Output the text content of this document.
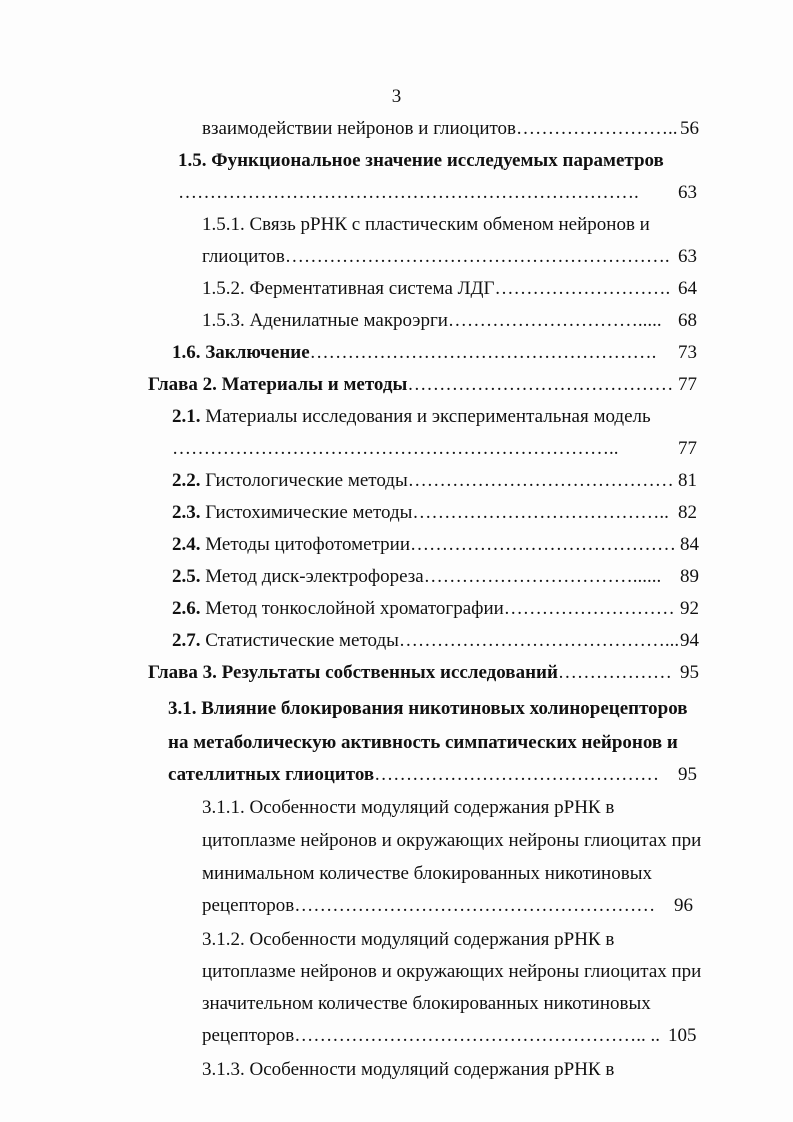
3
взаимодействии нейронов и глиоцитов…………………….. 56
1.5. Функциональное значение исследуемых параметров
………………………………………………………………. 63
1.5.1. Связь рРНК с пластическим обменом нейронов и
глиоцитов……………………………………………………. 63
1.5.2. Ферментативная система ЛДГ………………………. 64
1.5.3. Аденилатные макроэрги…………………………..... 68
1.6. Заключение………………………………………………. 73
Глава 2. Материалы и методы…………………………………… 77
2.1. Материалы исследования и экспериментальная модель
……………………………………………………………..	77
2.2. Гистологические методы…………………………………… 81
2.3. Гистохимические методы………………………………….. 82
2.4. Методы цитофотометрии…………………………………… 84
2.5. Метод диск-электрофореза……………………………...... 89
2.6. Метод тонкослойной хроматографии……………………… 92
2.7. Статистические методы……………………………………... 94
Глава 3. Результаты собственных исследований……………… 95
3.1. Влияние блокирования никотиновых холинорецепторов
на метаболическую активность симпатических нейронов и
сателлитных глиоцитов……………………………………… 95
3.1.1. Особенности модуляций содержания рРНК в
цитоплазме нейронов и окружающих нейроны глиоцитах при
минимальном количестве блокированных никотиновых
рецепторов………………………………………………… 96
3.1.2. Особенности модуляций содержания рРНК в
цитоплазме нейронов и окружающих нейроны глиоцитах при
значительном количестве блокированных никотиновых
рецепторов……………………………………………….. .. 105
3.1.3. Особенности модуляций содержания рРНК в
